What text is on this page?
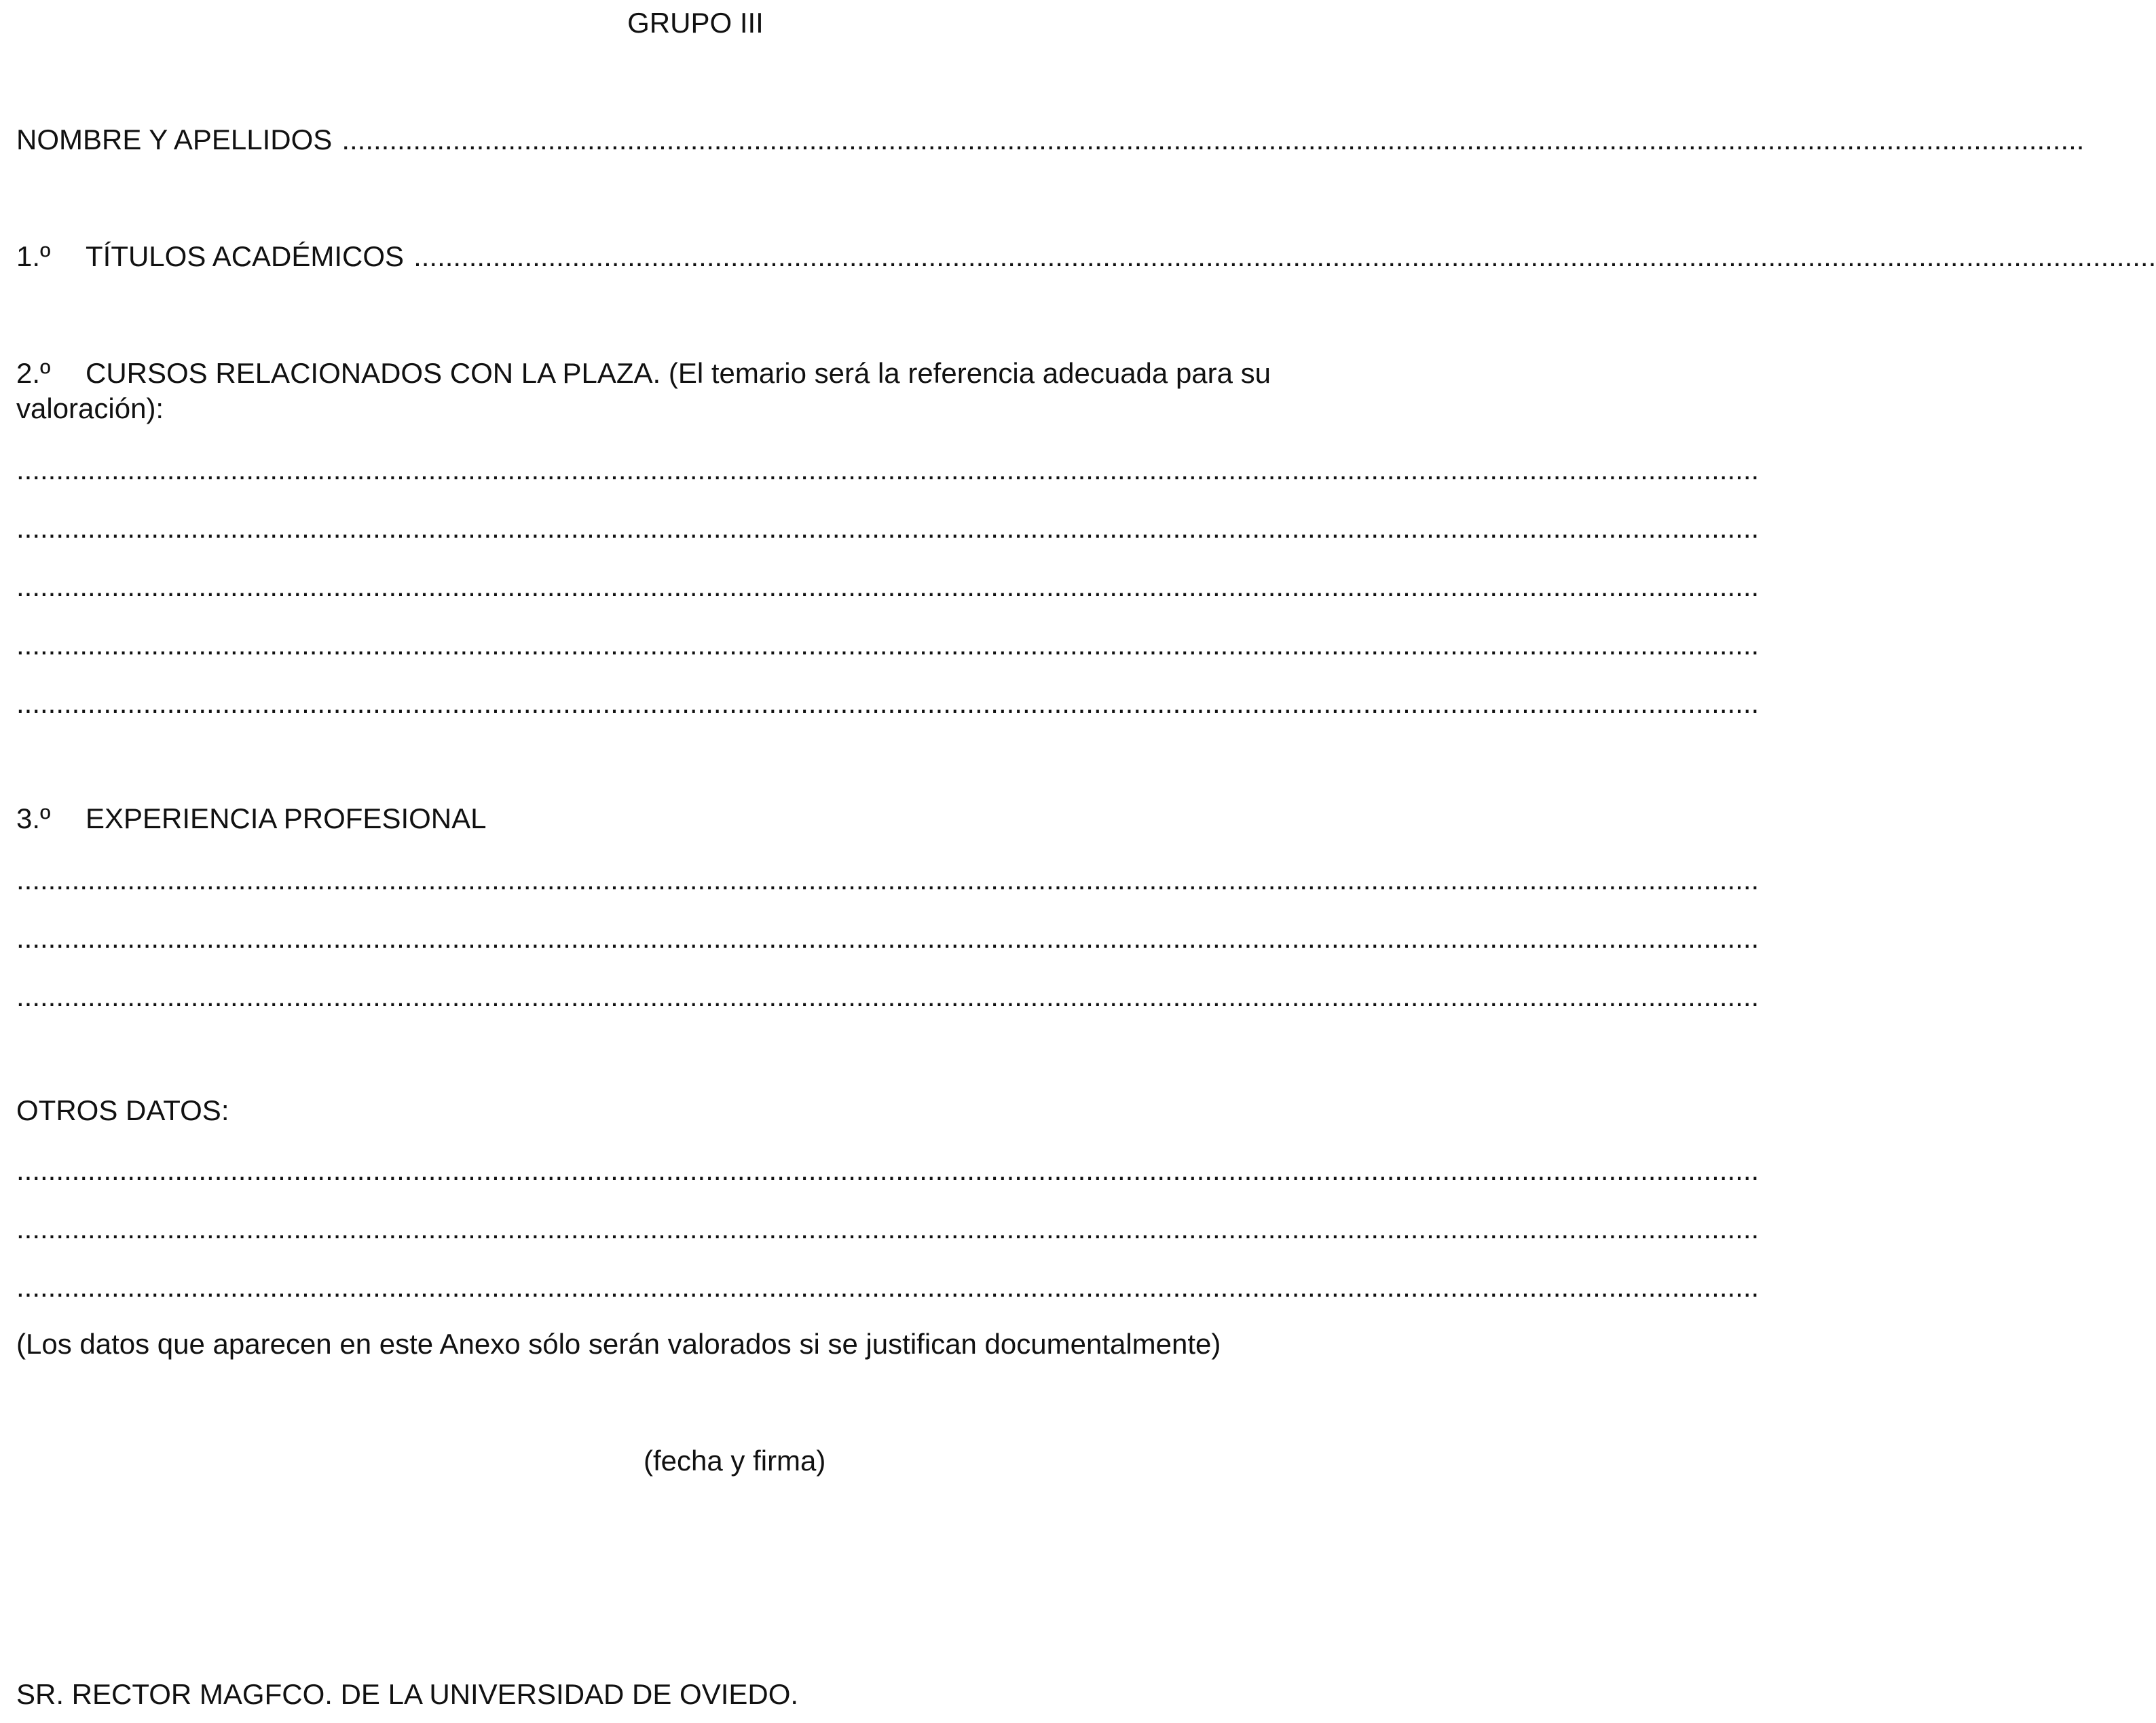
GRUPO III
NOMBRE Y APELLIDOS ............................................................................................................................................................................................................................
1.º TÍTULOS ACADÉMICOS ............................................................................................................................................................................................................................
2.º CURSOS RELACIONADOS CON LA PLAZA. (El temario será la referencia adecuada para su
valoración):
............................................................................................................................................................................................................................
............................................................................................................................................................................................................................
............................................................................................................................................................................................................................
............................................................................................................................................................................................................................
............................................................................................................................................................................................................................
3.º EXPERIENCIA PROFESIONAL
............................................................................................................................................................................................................................
............................................................................................................................................................................................................................
............................................................................................................................................................................................................................
OTROS DATOS:
............................................................................................................................................................................................................................
............................................................................................................................................................................................................................
............................................................................................................................................................................................................................
(Los datos que aparecen en este Anexo sólo serán valorados si se justifican documentalmente)
(fecha y firma)
SR. RECTOR MAGFCO. DE LA UNIVERSIDAD DE OVIEDO.
